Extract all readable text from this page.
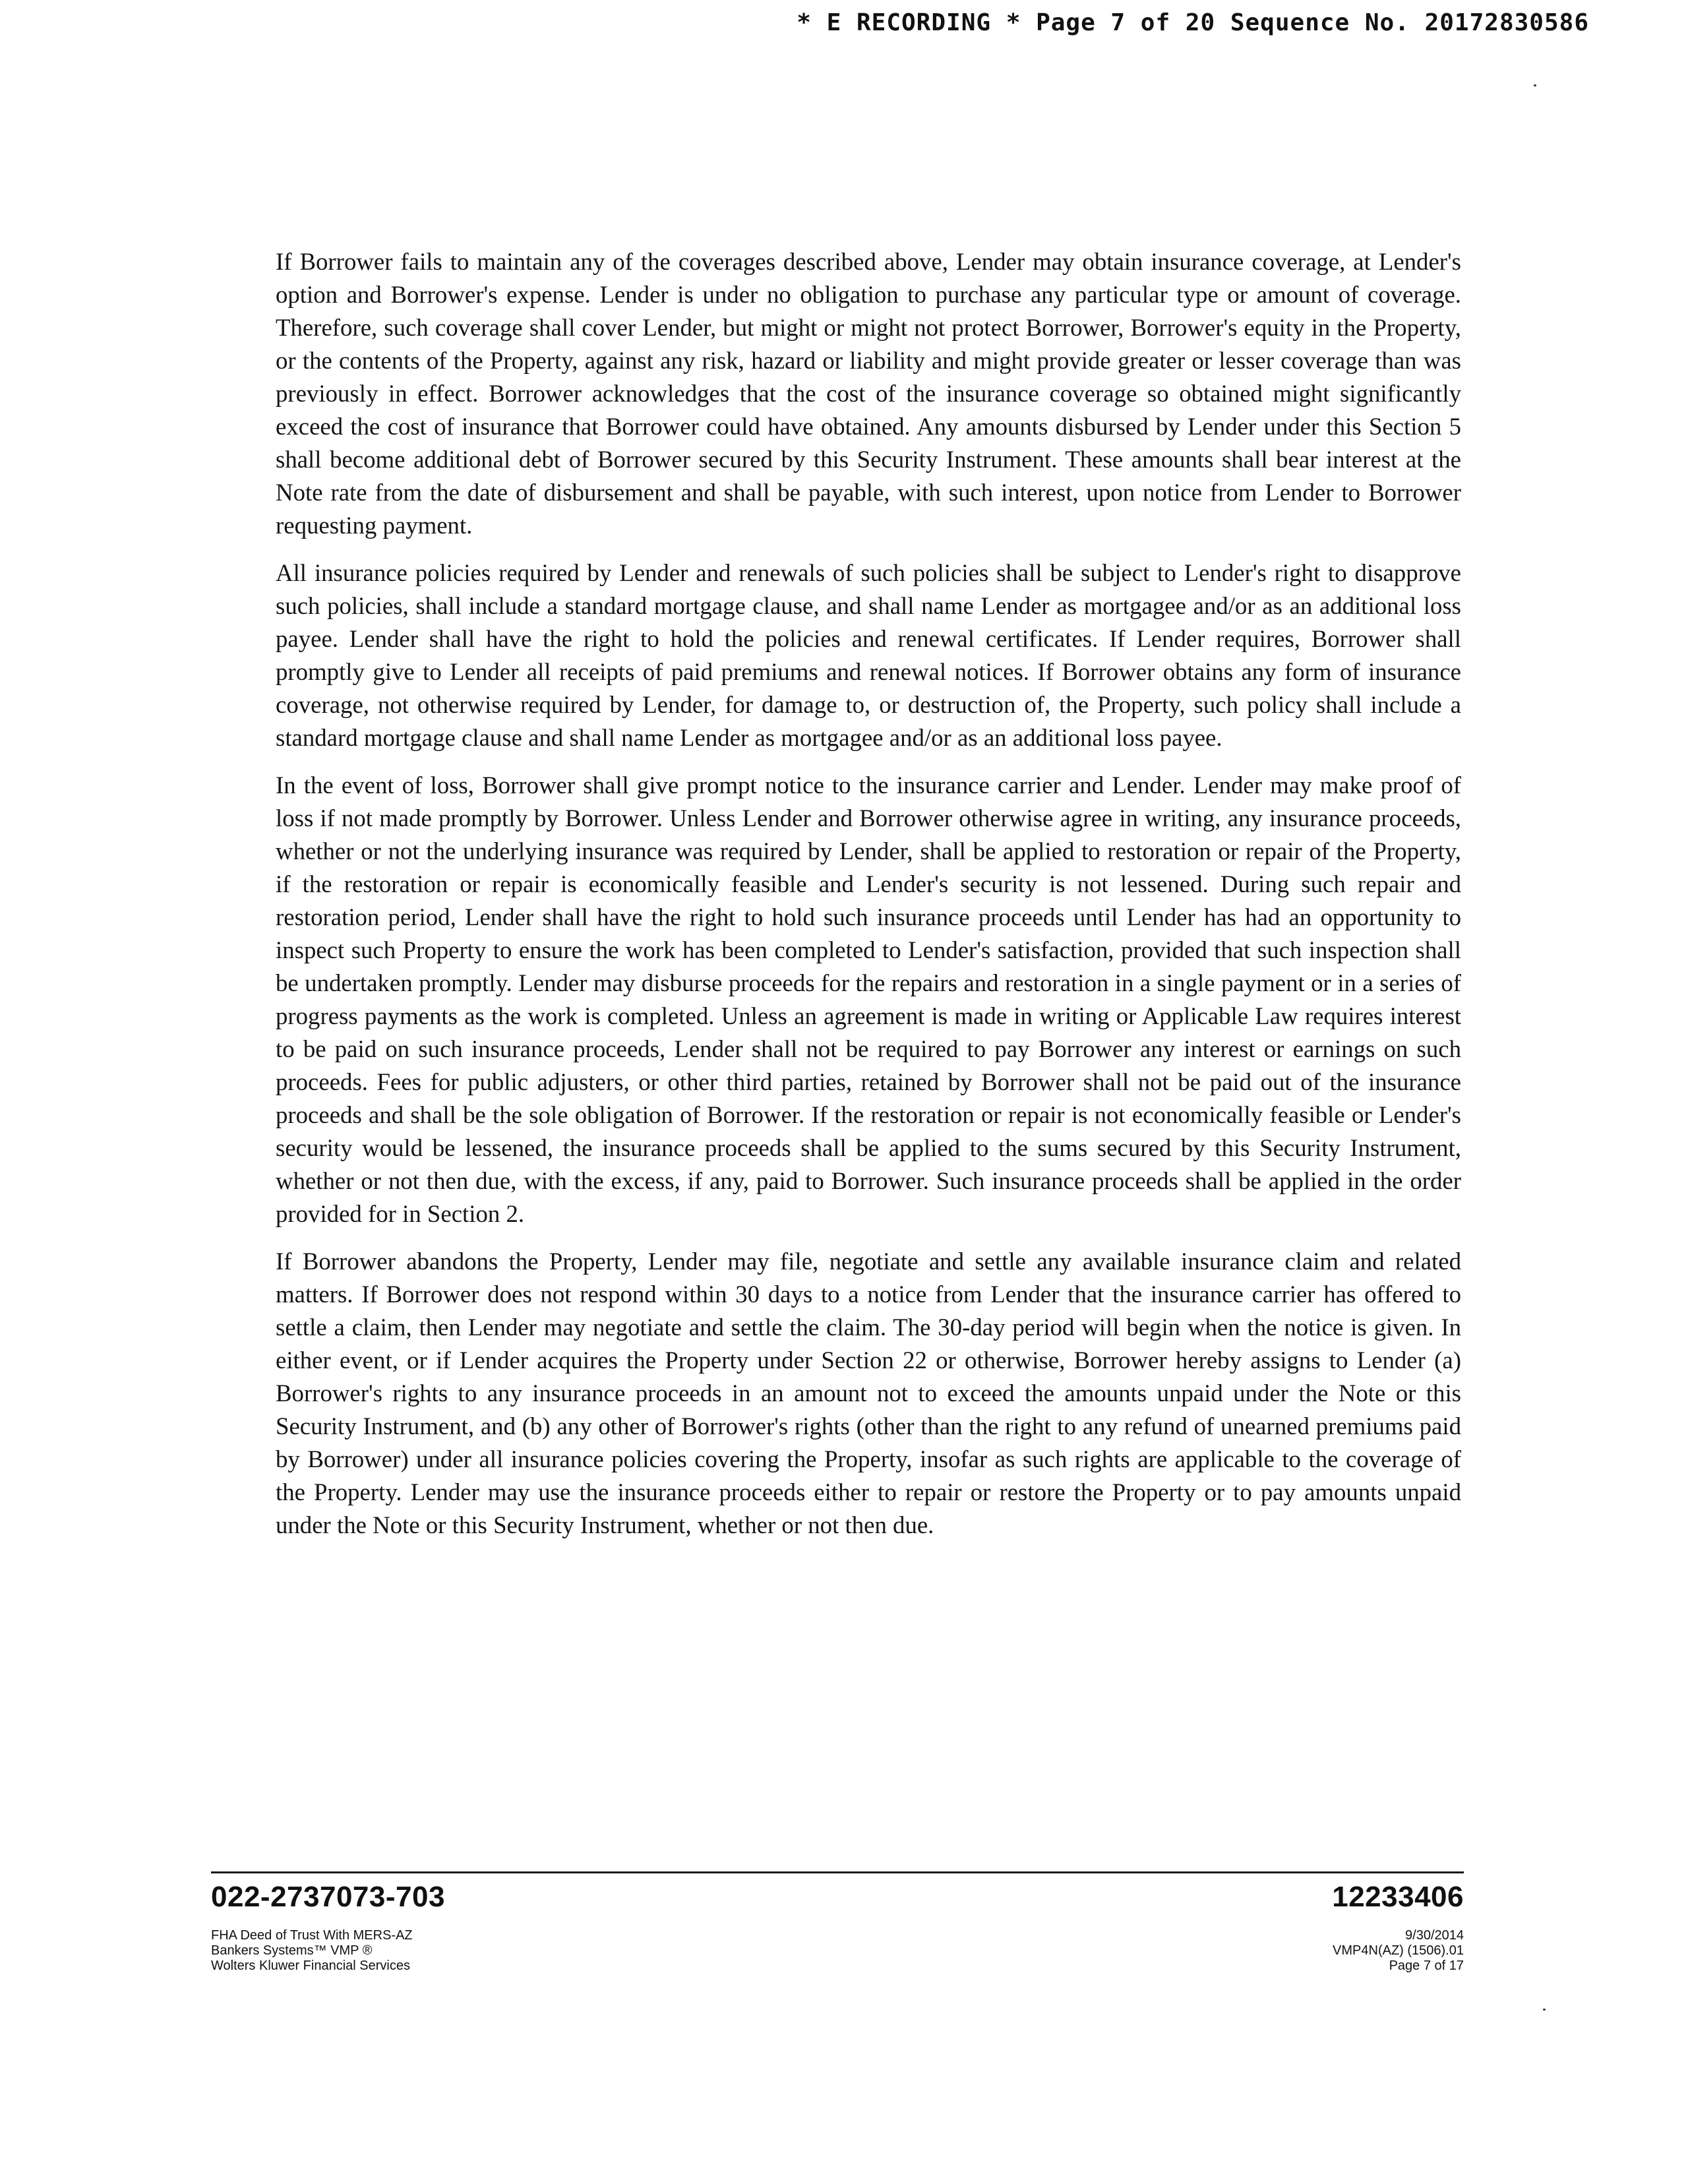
* E RECORDING * Page 7 of 20 Sequence No. 20172830586

If Borrower fails to maintain any of the coverages described above, Lender may obtain insurance coverage, at Lender's option and Borrower's expense. Lender is under no obligation to purchase any particular type or amount of coverage. Therefore, such coverage shall cover Lender, but might or might not protect Borrower, Borrower's equity in the Property, or the contents of the Property, against any risk, hazard or liability and might provide greater or lesser coverage than was previously in effect. Borrower acknowledges that the cost of the insurance coverage so obtained might significantly exceed the cost of insurance that Borrower could have obtained. Any amounts disbursed by Lender under this Section 5 shall become additional debt of Borrower secured by this Security Instrument. These amounts shall bear interest at the Note rate from the date of disbursement and shall be payable, with such interest, upon notice from Lender to Borrower requesting payment.

All insurance policies required by Lender and renewals of such policies shall be subject to Lender's right to disapprove such policies, shall include a standard mortgage clause, and shall name Lender as mortgagee and/or as an additional loss payee. Lender shall have the right to hold the policies and renewal certificates. If Lender requires, Borrower shall promptly give to Lender all receipts of paid premiums and renewal notices. If Borrower obtains any form of insurance coverage, not otherwise required by Lender, for damage to, or destruction of, the Property, such policy shall include a standard mortgage clause and shall name Lender as mortgagee and/or as an additional loss payee.

In the event of loss, Borrower shall give prompt notice to the insurance carrier and Lender. Lender may make proof of loss if not made promptly by Borrower. Unless Lender and Borrower otherwise agree in writing, any insurance proceeds, whether or not the underlying insurance was required by Lender, shall be applied to restoration or repair of the Property, if the restoration or repair is economically feasible and Lender's security is not lessened. During such repair and restoration period, Lender shall have the right to hold such insurance proceeds until Lender has had an opportunity to inspect such Property to ensure the work has been completed to Lender's satisfaction, provided that such inspection shall be undertaken promptly. Lender may disburse proceeds for the repairs and restoration in a single payment or in a series of progress payments as the work is completed. Unless an agreement is made in writing or Applicable Law requires interest to be paid on such insurance proceeds, Lender shall not be required to pay Borrower any interest or earnings on such proceeds. Fees for public adjusters, or other third parties, retained by Borrower shall not be paid out of the insurance proceeds and shall be the sole obligation of Borrower. If the restoration or repair is not economically feasible or Lender's security would be lessened, the insurance proceeds shall be applied to the sums secured by this Security Instrument, whether or not then due, with the excess, if any, paid to Borrower. Such insurance proceeds shall be applied in the order provided for in Section 2.

If Borrower abandons the Property, Lender may file, negotiate and settle any available insurance claim and related matters. If Borrower does not respond within 30 days to a notice from Lender that the insurance carrier has offered to settle a claim, then Lender may negotiate and settle the claim. The 30-day period will begin when the notice is given. In either event, or if Lender acquires the Property under Section 22 or otherwise, Borrower hereby assigns to Lender (a) Borrower's rights to any insurance proceeds in an amount not to exceed the amounts unpaid under the Note or this Security Instrument, and (b) any other of Borrower's rights (other than the right to any refund of unearned premiums paid by Borrower) under all insurance policies covering the Property, insofar as such rights are applicable to the coverage of the Property. Lender may use the insurance proceeds either to repair or restore the Property or to pay amounts unpaid under the Note or this Security Instrument, whether or not then due.

022-2737073-703	12233406
FHA Deed of Trust With MERS-AZ
Bankers Systems™ VMP ®
Wolters Kluwer Financial Services
9/30/2014
VMP4N(AZ) (1506).01
Page 7 of 17
